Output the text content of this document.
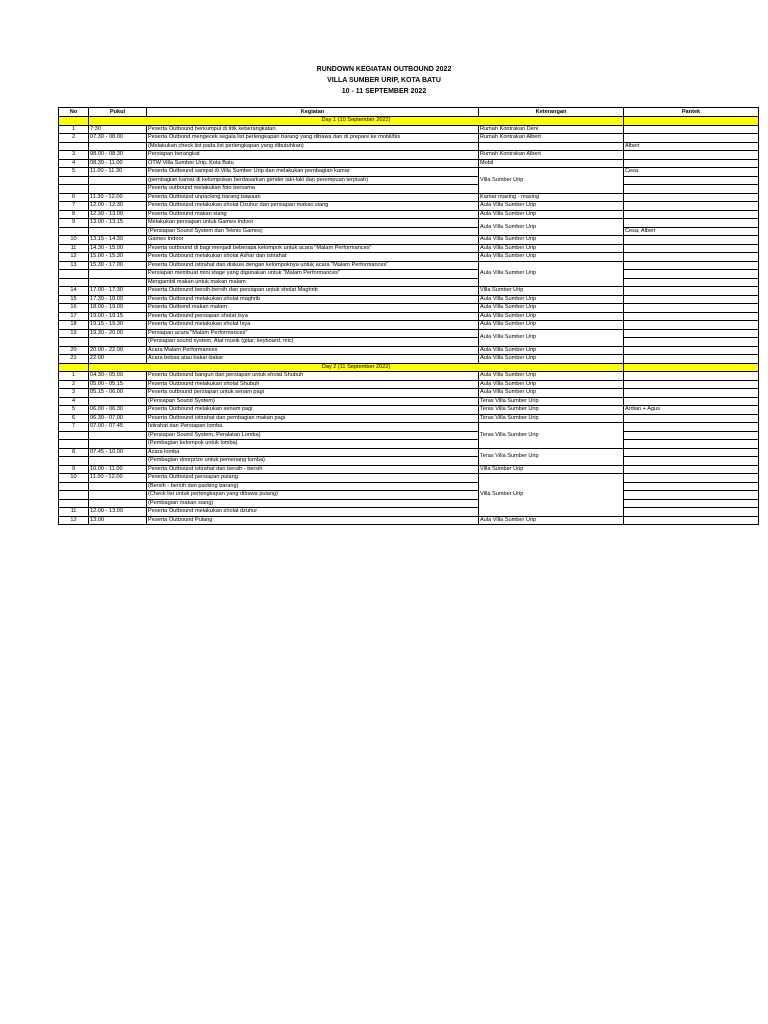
RUNDOWN KEGIATAN OUTBOUND 2022
VILLA SUMBER URIP, KOTA BATU
10 - 11 SEPTEMBER 2022
No	Pukul	Kegiatan	Keterangan	Pantek
	Day 1 (10 September 2022)			
1	7:30	Peserta Outbound berkumpul di titik keberangkatan.	Rumah Kontrakan Deni	
2	07.30 - 08.00	Peserta Outbond mengecek segala list perlengkapan barang yang dibawa dan di prepare ke mobil/bis	Rumah Kontrakan Albert	
		(Melakukan check list pada list perlengkapan yang dibutuhkan)		Albert
3	08.00 - 08.30	Persiapan berangkat	Rumah Kontrakan Albert	
4	08.30 - 11.00	OTW Villa Sumber Urip, Kota Batu	Mobil	
5	11.00 - 11.30	Peserta Outbound sampai di Villa Sumber Urip dan melakukan pembagian kamar	Villa Sumber Urip	Cesa
		(pembagian kamar di kelompokan berdasarkan gender laki-laki dan perempuan terpisah)		
		Peserta outbound melakukan foto bersama		
6	11.30 - 12.00	Peserta Outbound unpacking barang bawaan	Kamar masing - masing	
7	12.00 - 12.30	Peserta Outbound melakukan sholat Dzuhur dan persiapan makan siang	Aula Villa Sumber Urip	
8	12.30 - 13.00	Peserta Outbound makan siang	Aula Villa Sumber Urip	
9	13.00 - 13.15	Melakukan persiapan untuk Games Indoor	Aula Villa Sumber Urip	
		(Persiapan Sound System dan Teknis Games)		Cesa, Albert
10	13.15 - 14.30	Games Indoor	Aula Villa Sumber Urip	
11	14.30 - 15.00	Peserta outbound di bagi menjadi beberapa kelompok untuk acara "Malam Performances"	Aula Villa Sumber Urip	
12	15.00 - 15.30	Peserta Outbound melakukan sholat Ashar dan istirahat	Aula Villa Sumber Urip	
13	15.30 - 17.00	Peserta Outbound istirahat dan diskusi dengan kelompoknya untuk acara "Malam Performances"	Aula Villa Sumber Urip	
		Persiapan membuat mini stage yang digunakan untuk "Malam Performances"		
		Mengambil makan untuk makan malam		
14	17.00 - 17.30	Peserta Outbound bersih-bersih dan persiapan untuk sholat Maghrib	Villa Sumber Urip	
15	17.30 - 18.00	Peserta Outbound melakukan sholat maghrib	Aula Villa Sumber Urip	
16	18.00 - 19.00	Peserta Outbond makan malam	Aula Villa Sumber Urip	
17	19.00 - 19.15	Peserta Outbound persiapan sholat Isya	Aula Villa Sumber Urip	
18	19.15 - 19.30	Peserta Outbound melakukan sholat Isya	Aula Villa Sumber Urip	
19	19.30 - 20.00	Persiapan acara "Malam Performances"	Aula Villa Sumber Urip	
		(Persiapan sound system, Alat musik (gitar, keyboard, mic)		
20	20.00 - 22.00	Acara Malam Performances	Aula Villa Sumber Urip	
21	22:00	Acara bebas atau bakar-bakar	Aula Villa Sumber Urip	
	Day 2 (11 September 2022)			
1	04.30 - 05.00	Peserta Outbound bangun dan persiapan untuk sholat Shubuh	Aula Villa Sumber Urip	
2	05.00 - 05.15	Peserta Outbound melakukan sholat Shubuh	Aula Villa Sumber Urip	
3	05.15 - 06.00	Peserta outbound persiapan untuk senam pagi	Aula Villa Sumber Urip	
4		(Persiapan Sound System)	Teras Villa Sumber Urip	
5	06.00 - 06.30	Peserta Outbound melakukan senam pagi	Teras Villa Sumber Urip	Ardian + Agus
6	06.30 - 07.00	Peserta Outbound istirahat dan pembagian makan pagi	Teras Villa Sumber Urip	
7	07.00 - 07.45	Istirahat dan Persiapan lomba	Teras Villa Sumber Urip	
		(Persiapan Sound System, Peralatan Lomba)		
		(Pembagian kelompok untuk lomba)		
8	07.45 - 10.00	Acara lomba	Teras Villa Sumber Urip	
		(Pembagian doorprize untuk pemenang lomba)		
9	10.00 - 11.00	Peserta Outbound istirahat dan bersih - bersih	Villa Sumber Urip	
10	11.00 - 12.00	Peserta Outbound persiapan pulang	Villa Sumber Urip	
		(Bersih - bersih dan packing barang)		
		(Check list untuk perlengkapan yang dibawa pulang)		
		(Pembagian makan siang)		
11	12.00 - 13.00	Peserta Outbound melakukan sholat dzuhur		
12	13:00	Peserta Outbound Pulang	Aula Villa Sumber Urip	
